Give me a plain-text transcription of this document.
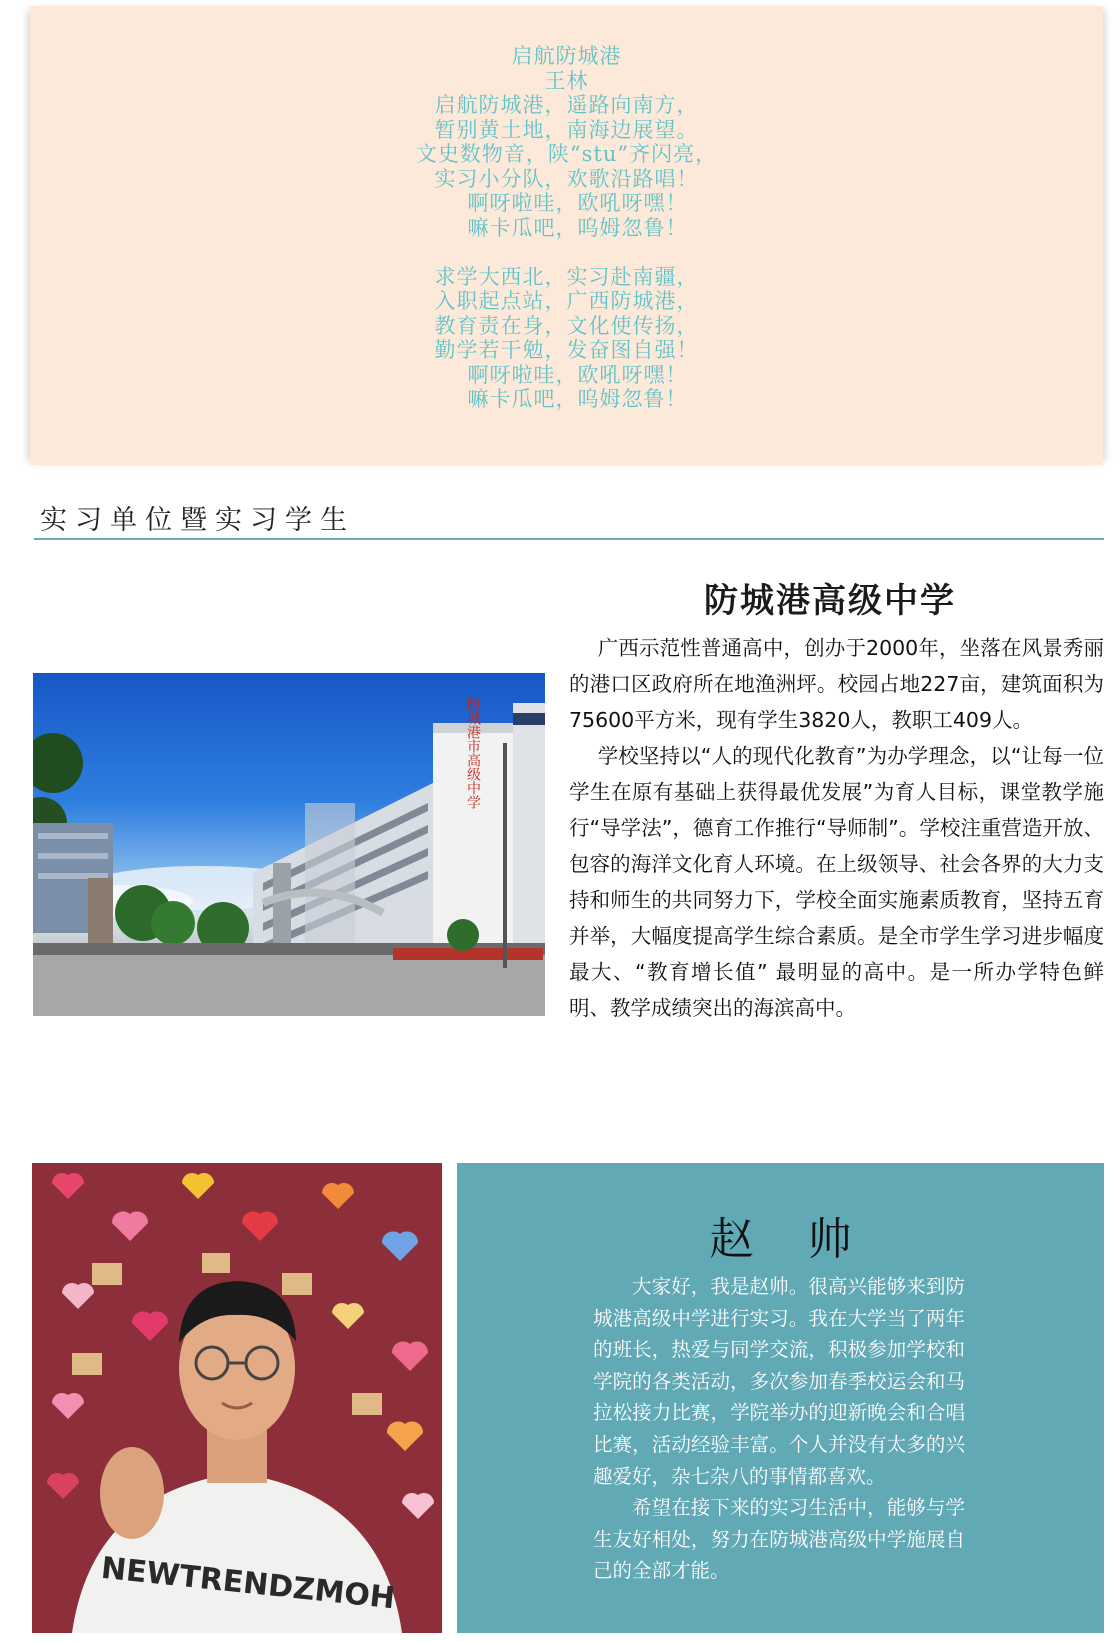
启航防城港
王林
启航防城港，遥路向南方，
暂别黄土地，南海边展望。
文史数物音，陕“stu”齐闪亮，
实习小分队，欢歌沿路唱！
　啊呀啦哇，欧吼呀嘿！
　嘛卡瓜吧，呜姆忽鲁！
求学大西北，实习赴南疆，
入职起点站，广西防城港，
教育责在身，文化使传扬，
勤学若干勉，发奋图自强！
　啊呀啦哇，欧吼呀嘿！
　嘛卡瓜吧，呜姆忽鲁！
实习单位暨实习学生
防城港高级中学

广西示范性普通高中，创办于2000年，坐落在风景秀丽的港口区政府所在地渔洲坪。校园占地227亩，建筑面积为75600平方米，现有学生3820人，教职工409人。

学校坚持以“人的现代化教育”为办学理念，以“让每一位学生在原有基础上获得最优发展”为育人目标，课堂教学施行“导学法”，德育工作推行“导师制”。学校注重营造开放、包容的海洋文化育人环境。在上级领导、社会各界的大力支持和师生的共同努力下，学校全面实施素质教育，坚持五育并举，大幅度提高学生综合素质。是全市学生学习进步幅度最大、“教育增长值” 最明显的高中。是一所办学特色鲜明、教学成绩突出的海滨高中。

防城港市高级中学
NEWTRENDZMOH
赵帅

大家好，我是赵帅。很高兴能够来到防城港高级中学进行实习。我在大学当了两年的班长，热爱与同学交流，积极参加学校和学院的各类活动，多次参加春季校运会和马拉松接力比赛，学院举办的迎新晚会和合唱比赛，活动经验丰富。个人并没有太多的兴趣爱好，杂七杂八的事情都喜欢。

希望在接下来的实习生活中，能够与学生友好相处，努力在防城港高级中学施展自己的全部才能。
